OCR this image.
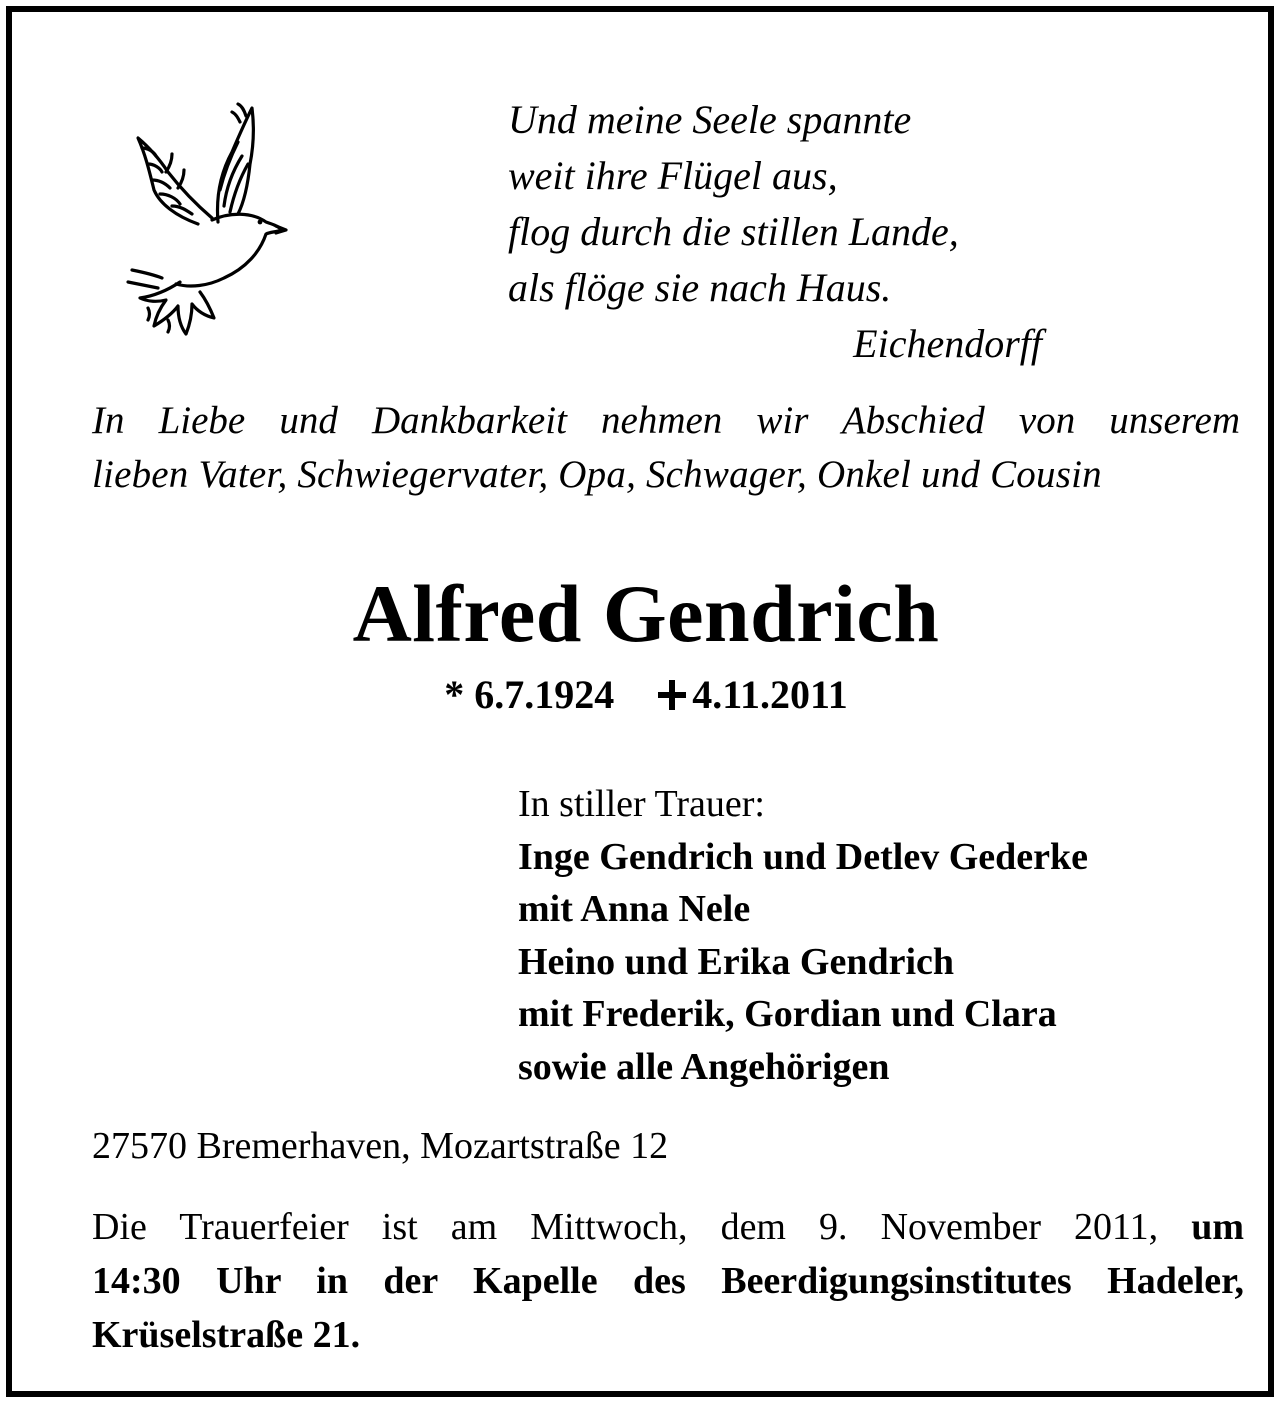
Und meine Seele spannte
weit ihre Flügel aus,
flog durch die stillen Lande,
als flöge sie nach Haus.
Eichendorff
In Liebe und Dankbarkeit nehmen wir Abschied von unserem
lieben Vater, Schwiegervater, Opa, Schwager, Onkel und Cousin
Alfred Gendrich
* 6.7.1924 4.11.2011
In stiller Trauer:
Inge Gendrich und Detlev Gederke
mit Anna Nele
Heino und Erika Gendrich
mit Frederik, Gordian und Clara
sowie alle Angehörigen
27570 Bremerhaven, Mozartstraße 12
Die Trauerfeier ist am Mittwoch, dem 9. November 2011, um
14:30 Uhr in der Kapelle des Beerdigungsinstitutes Hadeler,
Krüselstraße 21.
